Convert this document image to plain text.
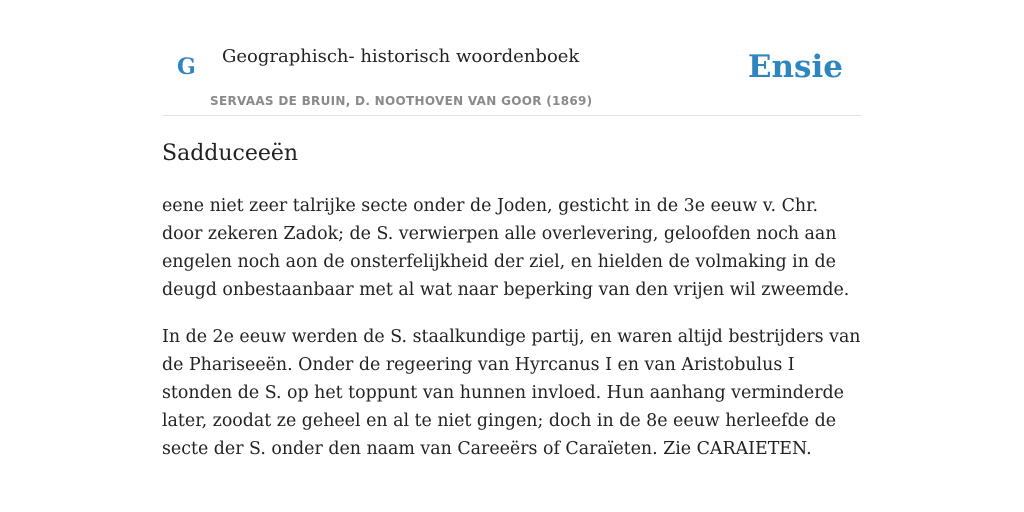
G Geographisch- historisch woordenboek
SERVAAS DE BRUIN, D. NOOTHOVEN VAN GOOR (1869)
Ensie
Sadduceeën

eene niet zeer talrijke secte onder de Joden, gesticht in de 3e eeuw v. Chr. door zekeren Zadok; de S. verwierpen alle overlevering, geloofden noch aan engelen noch aon de onsterfelijkheid der ziel, en hielden de volmaking in de deugd onbestaanbaar met al wat naar beperking van den vrijen wil zweemde.

In de 2e eeuw werden de S. staalkundige partij, en waren altijd bestrijders van de Phariseeën. Onder de regeering van Hyrcanus I en van Aristobulus I stonden de S. op het toppunt van hunnen invloed. Hun aanhang verminderde later, zoodat ze geheel en al te niet gingen; doch in de 8e eeuw herleefde de secte der S. onder den naam van Careeërs of Caraïeten. Zie CARAIETEN.
